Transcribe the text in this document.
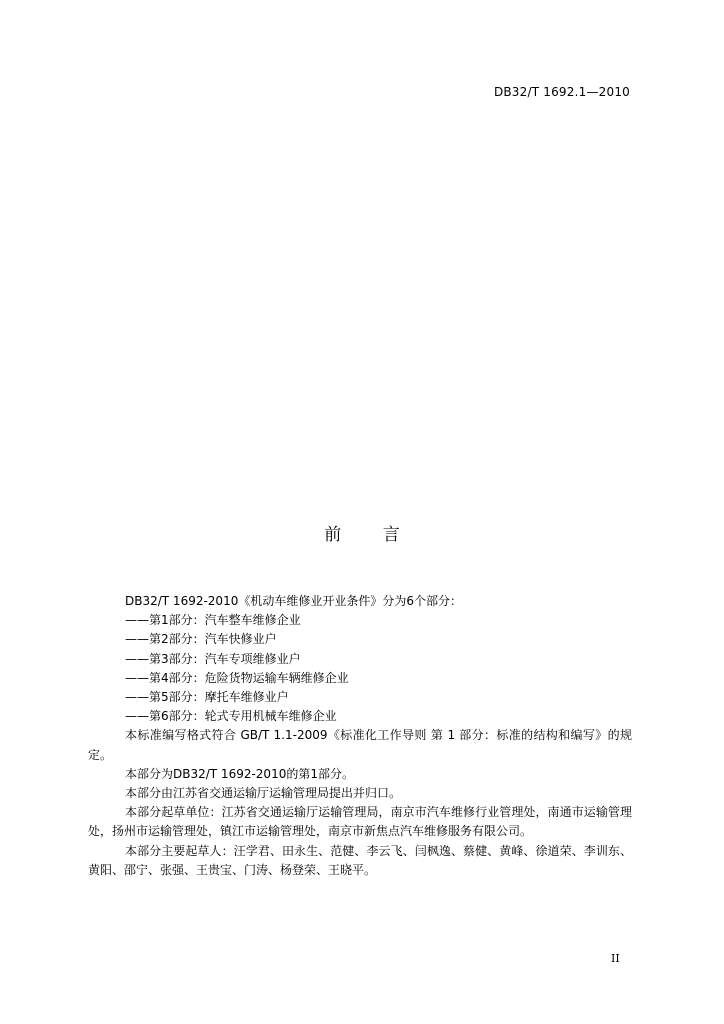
DB32/T 1692.1—2010
前 言

DB32/T 1692-2010《机动车维修业开业条件》分为6个部分：

——第1部分：汽车整车维修企业

——第2部分：汽车快修业户

——第3部分：汽车专项维修业户

——第4部分：危险货物运输车辆维修企业

——第5部分：摩托车维修业户

——第6部分：轮式专用机械车维修企业

本标准编写格式符合 GB/T 1.1-2009《标准化工作导则 第 1 部分：标准的结构和编写》的规定。

本部分为DB32/T 1692-2010的第1部分。

本部分由江苏省交通运输厅运输管理局提出并归口。

本部分起草单位：江苏省交通运输厅运输管理局，南京市汽车维修行业管理处，南通市运输管理处，扬州市运输管理处，镇江市运输管理处，南京市新焦点汽车维修服务有限公司。

本部分主要起草人：汪学君、田永生、范健、李云飞、闫枫逸、蔡健、黄峰、徐道荣、李训东、黄阳、邵宁、张强、王贵宝、门涛、杨登荣、王晓平。

II
